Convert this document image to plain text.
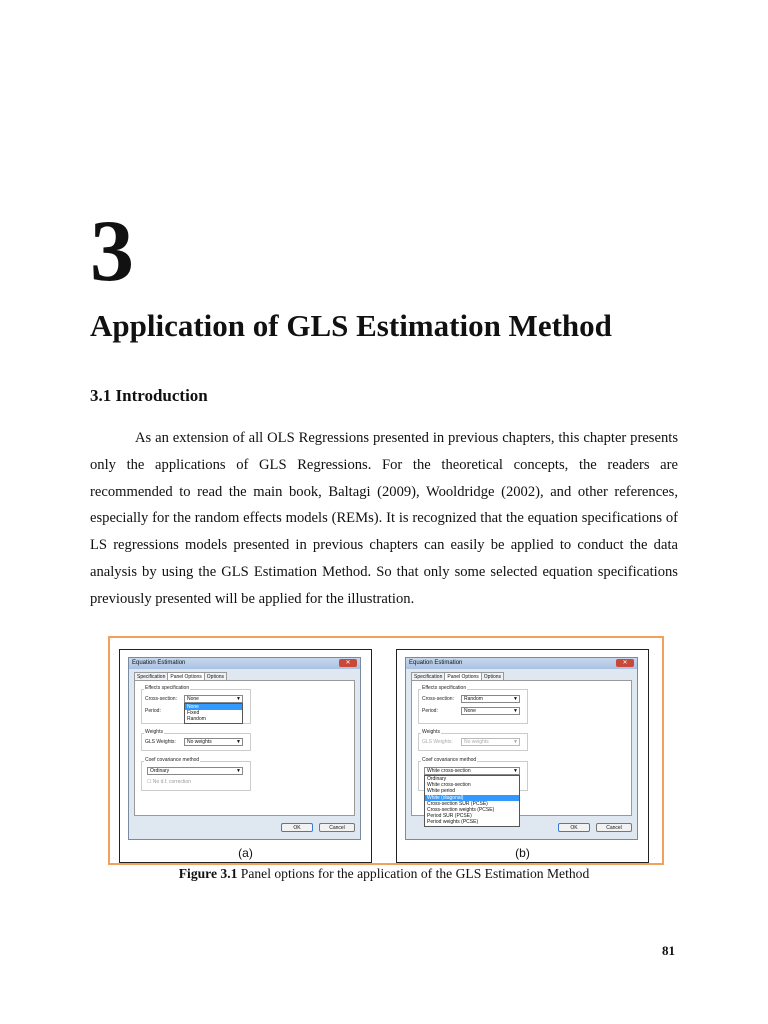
3
Application of GLS Estimation Method
3.1 Introduction

As an extension of all OLS Regressions presented in previous chapters, this chapter presents only the applications of GLS Regressions. For the theoretical concepts, the readers are recommended to read the main book, Baltagi (2009), Wooldridge (2002), and other references, especially for the random effects models (REMs). It is recognized that the equation specifications of LS regressions models presented in previous chapters can easily be applied to conduct the data analysis by using the GLS Estimation Method. So that only some selected equation specifications previously presented will be applied for the illustration.

Equation Estimation	✕
Specification Panel Options Options
Effects specification
Cross-section:	None	▼
None
Fixed
Random
Period:
Weights
GLS Weights:	No weights	▼
Coef covariance method
Ordinary	▼
☐ No d.f. correction
OK	Cancel
(a)
Equation Estimation	✕
Specification Panel Options Options
Effects specification
Cross-section:	Random	▼
Period:	None	▼
Weights
GLS Weights:	No weights	▼
Coef covariance method
White cross-section	▼
Ordinary
White cross-section
White period
White (diagonal)
Cross-section SUR (PCSE)
Cross-section weights (PCSE)
Period SUR (PCSE)
Period weights (PCSE)
OK	Cancel
(b)
Figure 3.1 Panel options for the application of the GLS Estimation Method
81
